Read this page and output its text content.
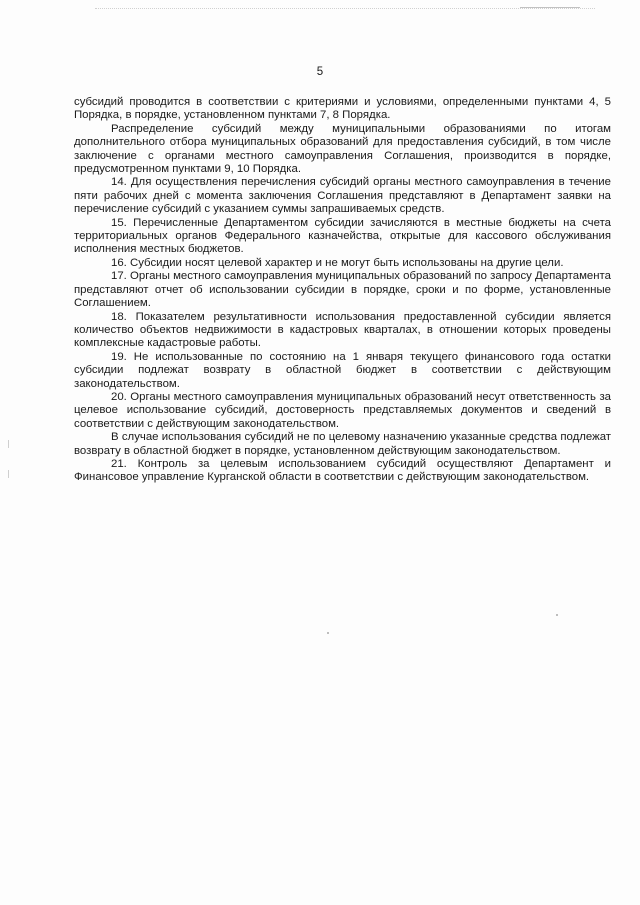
5

субсидий проводится в соответствии с критериями и условиями, определенными пунктами 4, 5 Порядка, в порядке, установленном пунктами 7, 8 Порядка.

Распределение субсидий между муниципальными образованиями по итогам дополнительного отбора муниципальных образований для предоставления субсидий, в том числе заключение с органами местного самоуправления Соглашения, производится в порядке, предусмотренном пунктами 9, 10 Порядка.

14. Для осуществления перечисления субсидий органы местного самоуправления в течение пяти рабочих дней с момента заключения Соглашения представляют в Департамент заявки на перечисление субсидий с указанием суммы запрашиваемых средств.

15. Перечисленные Департаментом субсидии зачисляются в местные бюджеты на счета территориальных органов Федерального казначейства, открытые для кассового обслуживания исполнения местных бюджетов.

16. Субсидии носят целевой характер и не могут быть использованы на другие цели.

17. Органы местного самоуправления муниципальных образований по запросу Департамента представляют отчет об использовании субсидии в порядке, сроки и по форме, установленные Соглашением.

18. Показателем результативности использования предоставленной субсидии является количество объектов недвижимости в кадастровых кварталах, в отношении которых проведены комплексные кадастровые работы.

19. Не использованные по состоянию на 1 января текущего финансового года остатки субсидии подлежат возврату в областной бюджет в соответствии с действующим законодательством.

20. Органы местного самоуправления муниципальных образований несут ответственность за целевое использование субсидий, достоверность представляемых документов и сведений в соответствии с действующим законодательством.

В случае использования субсидий не по целевому назначению указанные средства подлежат возврату в областной бюджет в порядке, установленном действующим законодательством.

21. Контроль за целевым использованием субсидий осуществляют Департамент и Финансовое управление Курганской области в соответствии с действующим законодательством.
